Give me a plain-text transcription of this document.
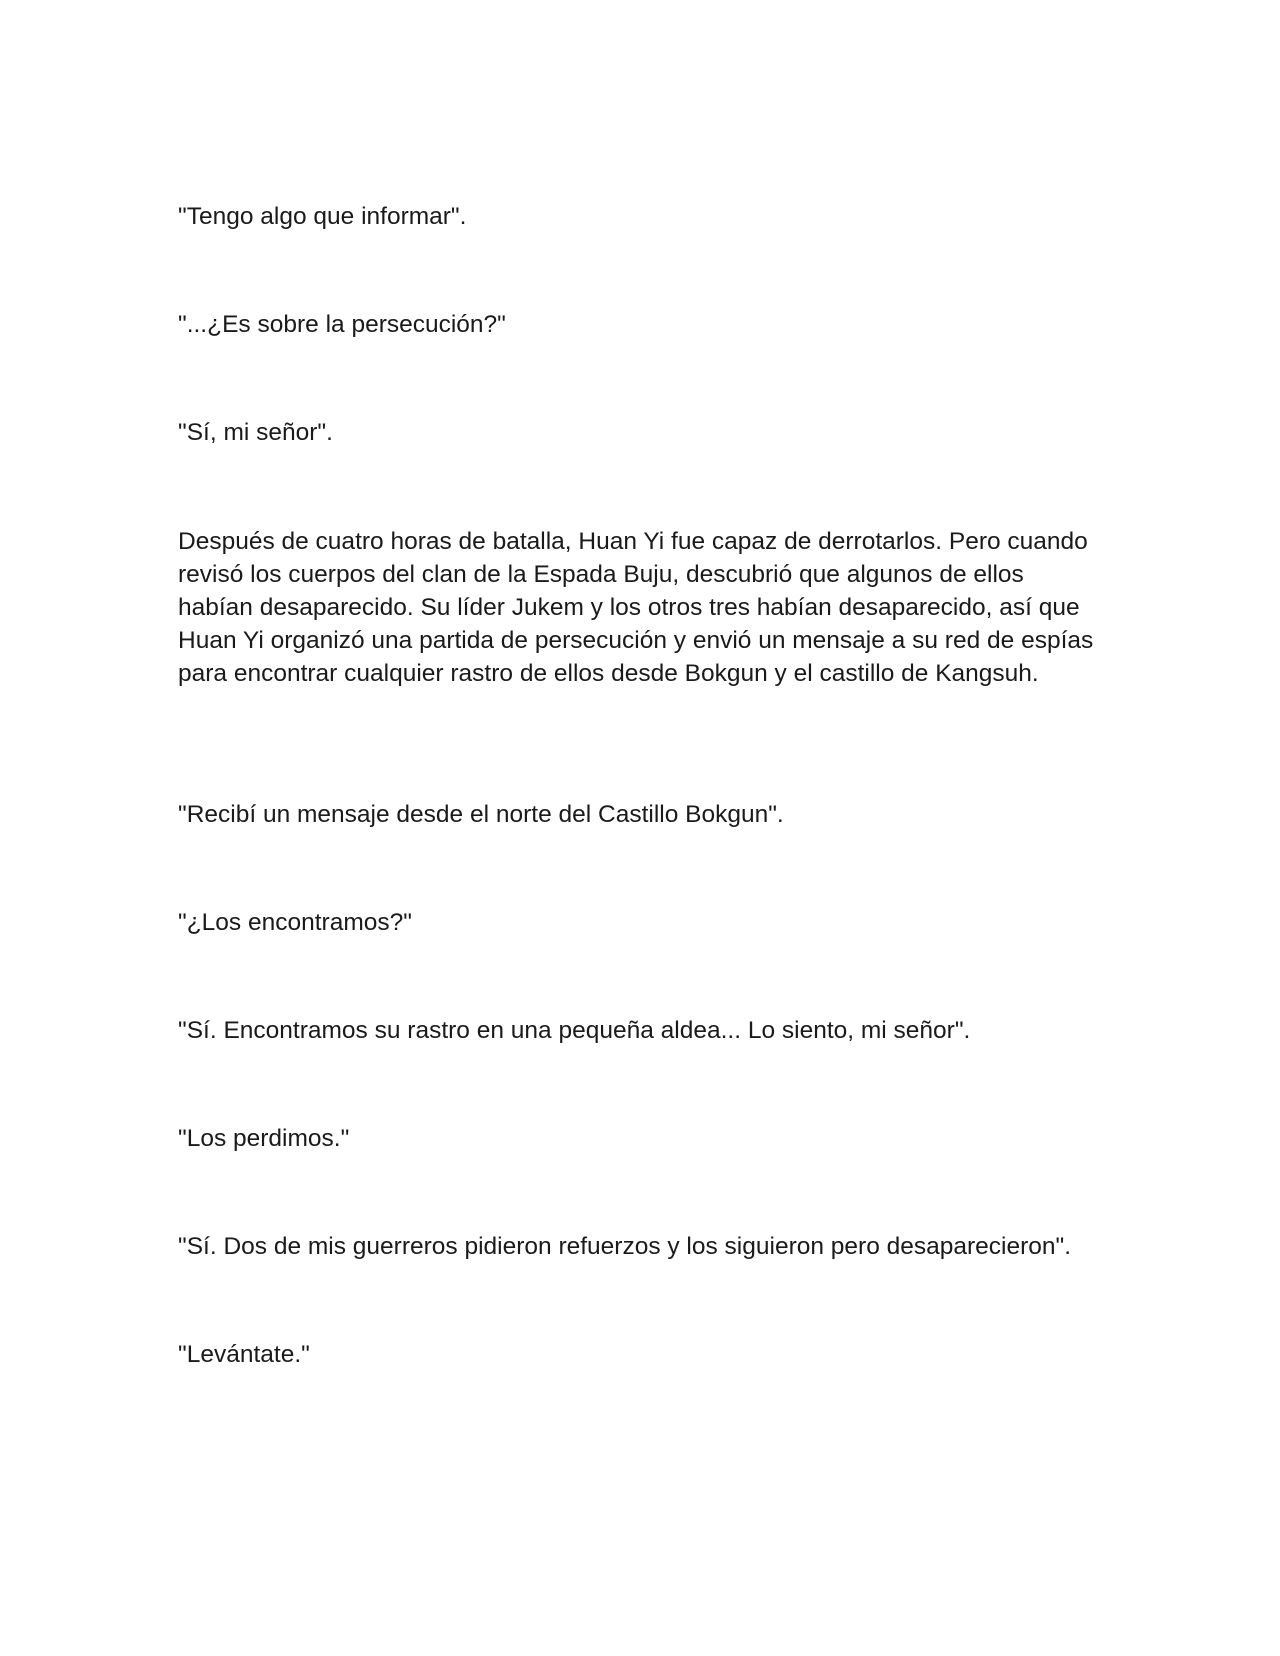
"Tengo algo que informar".

"...¿Es sobre la persecución?"

"Sí, mi señor".

Después de cuatro horas de batalla, Huan Yi fue capaz de derrotarlos. Pero cuando revisó los cuerpos del clan de la Espada Buju, descubrió que algunos de ellos habían desaparecido. Su líder Jukem y los otros tres habían desaparecido, así que Huan Yi organizó una partida de persecución y envió un mensaje a su red de espías para encontrar cualquier rastro de ellos desde Bokgun y el castillo de Kangsuh.

"Recibí un mensaje desde el norte del Castillo Bokgun".

"¿Los encontramos?"

"Sí. Encontramos su rastro en una pequeña aldea... Lo siento, mi señor".

"Los perdimos."

"Sí. Dos de mis guerreros pidieron refuerzos y los siguieron pero desaparecieron".

"Levántate."
